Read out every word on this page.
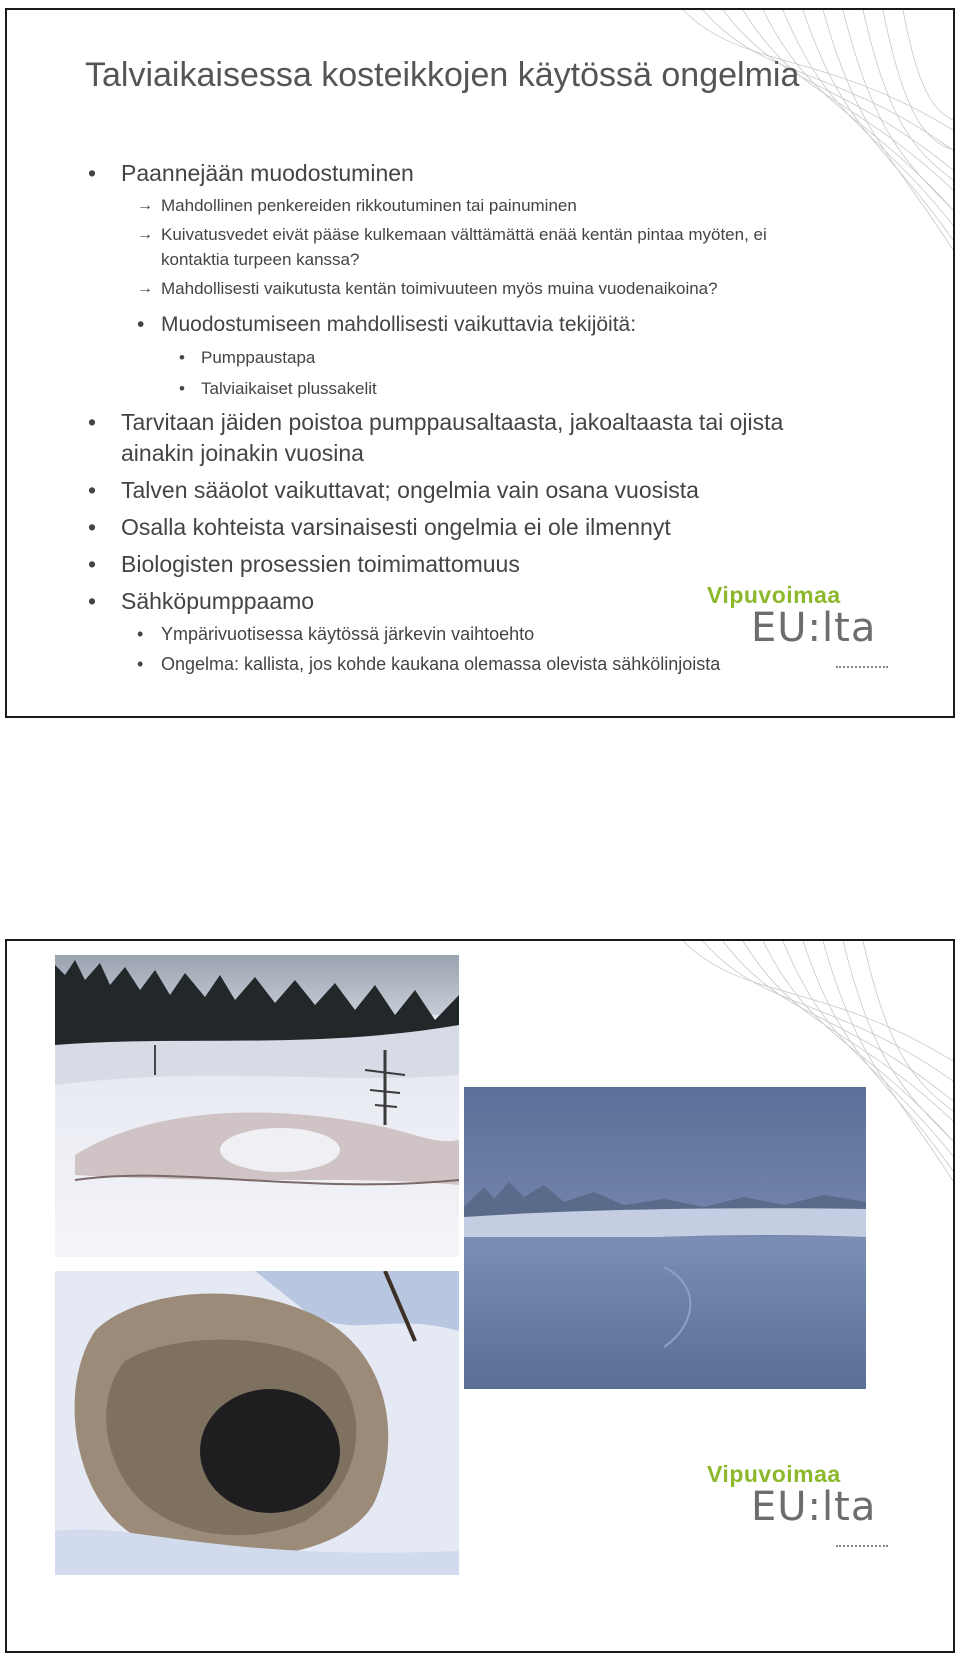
Talviaikaisessa kosteikkojen käytössä ongelmia
• Paannejään muodostuminen
→ Mahdollinen penkereiden rikkoutuminen tai painuminen
→ Kuivatusvedet eivät pääse kulkemaan välttämättä enää kentän pintaa myöten, ei kontaktia turpeen kanssa?
→ Mahdollisesti vaikutusta kentän toimivuuteen myös muina vuodenaikoina?
• Muodostumiseen mahdollisesti vaikuttavia tekijöitä:
• Pumppaustapa
• Talviaikaiset plussakelit
• Tarvitaan jäiden poistoa pumppausaltaasta, jakoaltaasta tai ojista ainakin joinakin vuosina
• Talven sääolot vaikuttavat; ongelmia vain osana vuosista
• Osalla kohteista varsinaisesti ongelmia ei ole ilmennyt
• Biologisten prosessien toimimattomuus
• Sähköpumppaamo
• Ympärivuotisessa käytössä järkevin vaihtoehto
• Ongelma: kallista, jos kohde kaukana olemassa olevista sähkölinjoista
Vipuvoimaa
EU:lta
Vipuvoimaa
EU:lta
